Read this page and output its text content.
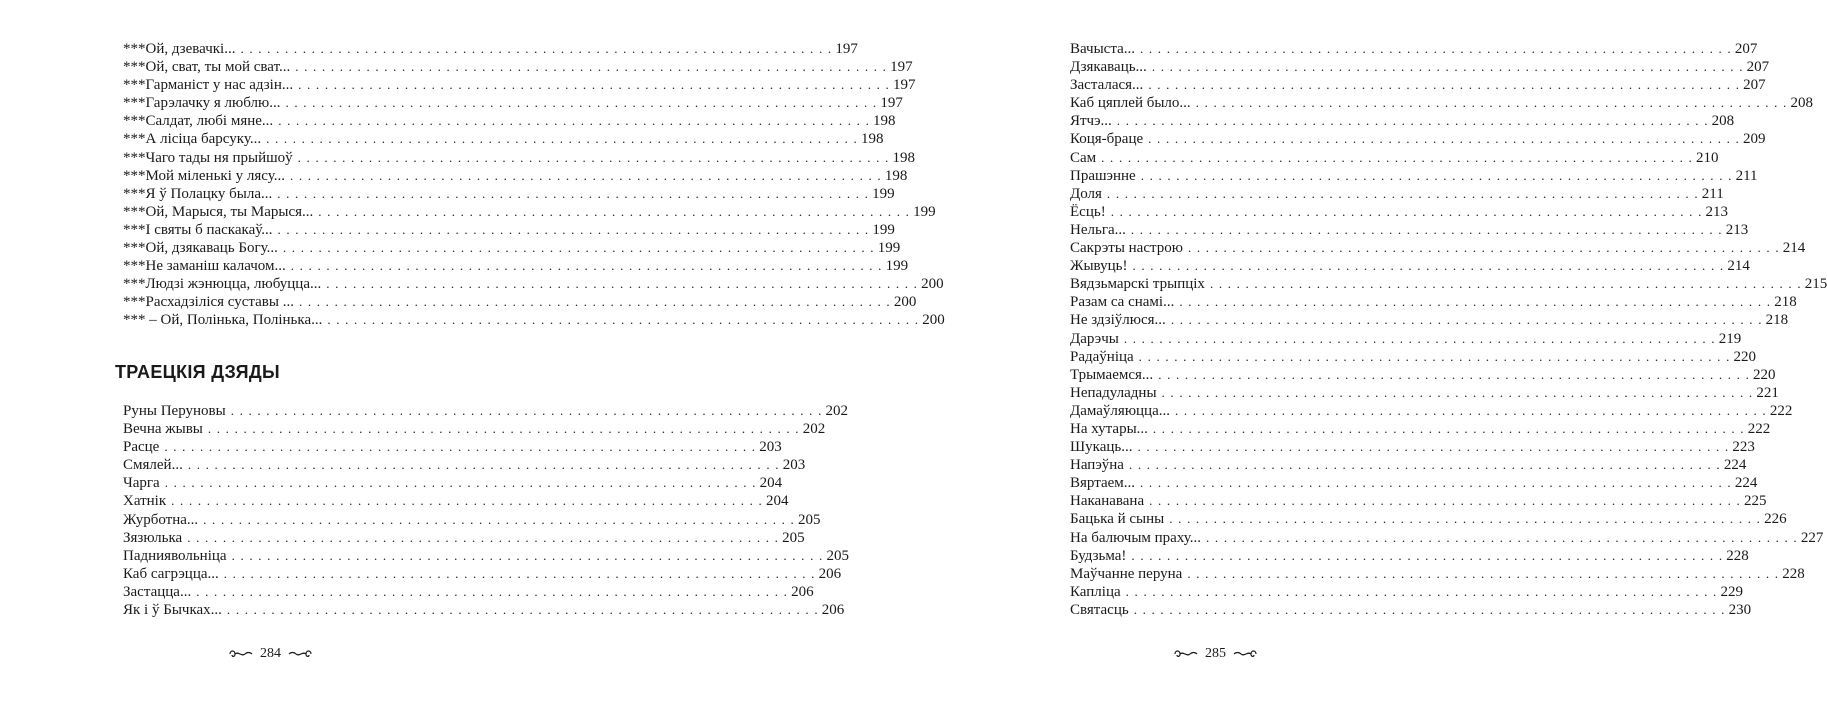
***Ой, дзевачкі... . . .	197
***Ой, сват, ты мой сват... . . .	197
***Гарманіст у нас адзін... . . .	197
***Гарэлачку я люблю... . . .	197
***Салдат, любі мяне... . . .	198
***А лісіца барсуку... . . .	198
***Чаго тады ня прыйшоў . . .	198
***Мой міленькі у лясу... . . .	198
***Я ў Полацку была... . . .	199
***Ой, Марыся, ты Марыся... . . .	199
***І святы б паскакаў... . . .	199
***Ой, дзякаваць Богу... . . .	199
***Не заманіш калачом... . . .	199
***Людзі жэнюцца, любуцца... . . .	200
***Расхадзіліся суставы ... . . .	200
*** – Ой, Полінька, Полінька... . . .	200
ТРАЕЦКІЯ ДЗЯДЫ
Руны Перуновы . . .	202
Вечна жывы . . .	202
Расце . . .	203
Смялей... . . .	203
Чарга . . .	204
Хатнік . . .	204
Журботна... . . .	205
Зязюлька . . .	205
Падниявольніца . . .	205
Каб сагрэцца... . . .	206
Застацца... . . .	206
Як і ў Бычках... . . .	206
284
Вачыста... . . .	207
Дзякаваць... . . .	207
Засталася... . . .	207
Каб цяплей было... . . .	208
Ятчэ... . . .	208
Коця-браце . . .	209
Сам . . .	210
Прашэнне . . .	211
Доля . . .	211
Ёсць! . . .	213
Нельга... . . .	213
Сакрэты настрою . . .	214
Жывуць! . . .	214
Вядзьмарскі трыпціх . . .	215
Разам са снамі... . . .	218
Не здзіўлюся... . . .	218
Дарэчы . . .	219
Радаўніца . . .	220
Трымаемся... . . .	220
Непадуладны . . .	221
Дамаўляюцца... . . .	222
На хутары... . . .	222
Шукаць... . . .	223
Напэўна . . .	224
Вяртаем... . . .	224
Наканавана . . .	225
Бацька й сыны . . .	226
На балючым праху... . . .	227
Будзьма! . . .	228
Маўчанне перуна . . .	228
Капліца . . .	229
Святасць . . .	230
285
